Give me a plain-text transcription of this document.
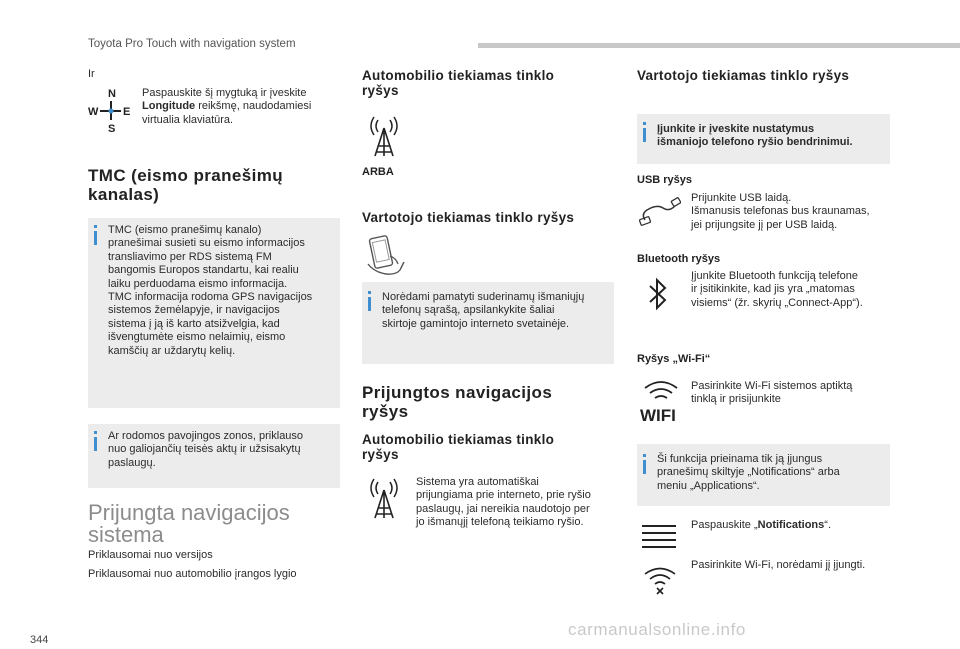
Toyota Pro Touch with navigation system
Ir
N
W E
S
Paspauskite šį mygtuką ir įveskite
Longitude reikšmę, naudodamiesi
virtualia klaviatūra.
TMC (eismo pranešimų
kanalas)
TMC (eismo pranešimų kanalo)
pranešimai susieti su eismo informacijos
transliavimo per RDS sistemą FM
bangomis Europos standartu, kai realiu
laiku perduodama eismo informacija.
TMC informacija rodoma GPS navigacijos
sistemos žemėlapyje, ir navigacijos
sistema į ją iš karto atsižvelgia, kad
išvengtumėte eismo nelaimių, eismo
kamščių ar uždarytų kelių.
Ar rodomos pavojingos zonos, priklauso
nuo galiojančių teisės aktų ir užsisakytų
paslaugų.
Prijungta navigacijos
sistema
Priklausomai nuo versijos
Priklausomai nuo automobilio įrangos lygio
Automobilio tiekiamas tinklo
ryšys
ARBA
Vartotojo tiekiamas tinklo ryšys
Norėdami pamatyti suderinamų išmaniųjų
telefonų sąrašą, apsilankykite šaliai
skirtoje gamintojo interneto svetainėje.
Prijungtos navigacijos
ryšys
Automobilio tiekiamas tinklo
ryšys
Sistema yra automatiškai
prijungiama prie interneto, prie ryšio
paslaugų, jai nereikia naudotojo per
jo išmanųjį telefoną teikiamo ryšio.
Vartotojo tiekiamas tinklo ryšys
Įjunkite ir įveskite nustatymus
išmaniojo telefono ryšio bendrinimui.
USB ryšys
Prijunkite USB laidą.
Išmanusis telefonas bus kraunamas,
jei prijungsite jį per USB laidą.
Bluetooth ryšys
Įjunkite Bluetooth funkciją telefone
ir įsitikinkite, kad jis yra „matomas
visiems“ (žr. skyrių „Connect-App“).
Ryšys „Wi-Fi“
WIFI
Pasirinkite Wi-Fi sistemos aptiktą
tinklą ir prisijunkite
Ši funkcija prieinama tik ją įjungus
pranešimų skiltyje „Notifications“ arba
meniu „Applications“.
Paspauskite „Notifications“.
Pasirinkite Wi-Fi, norėdami jį įjungti.
344
carmanualsonline.info
